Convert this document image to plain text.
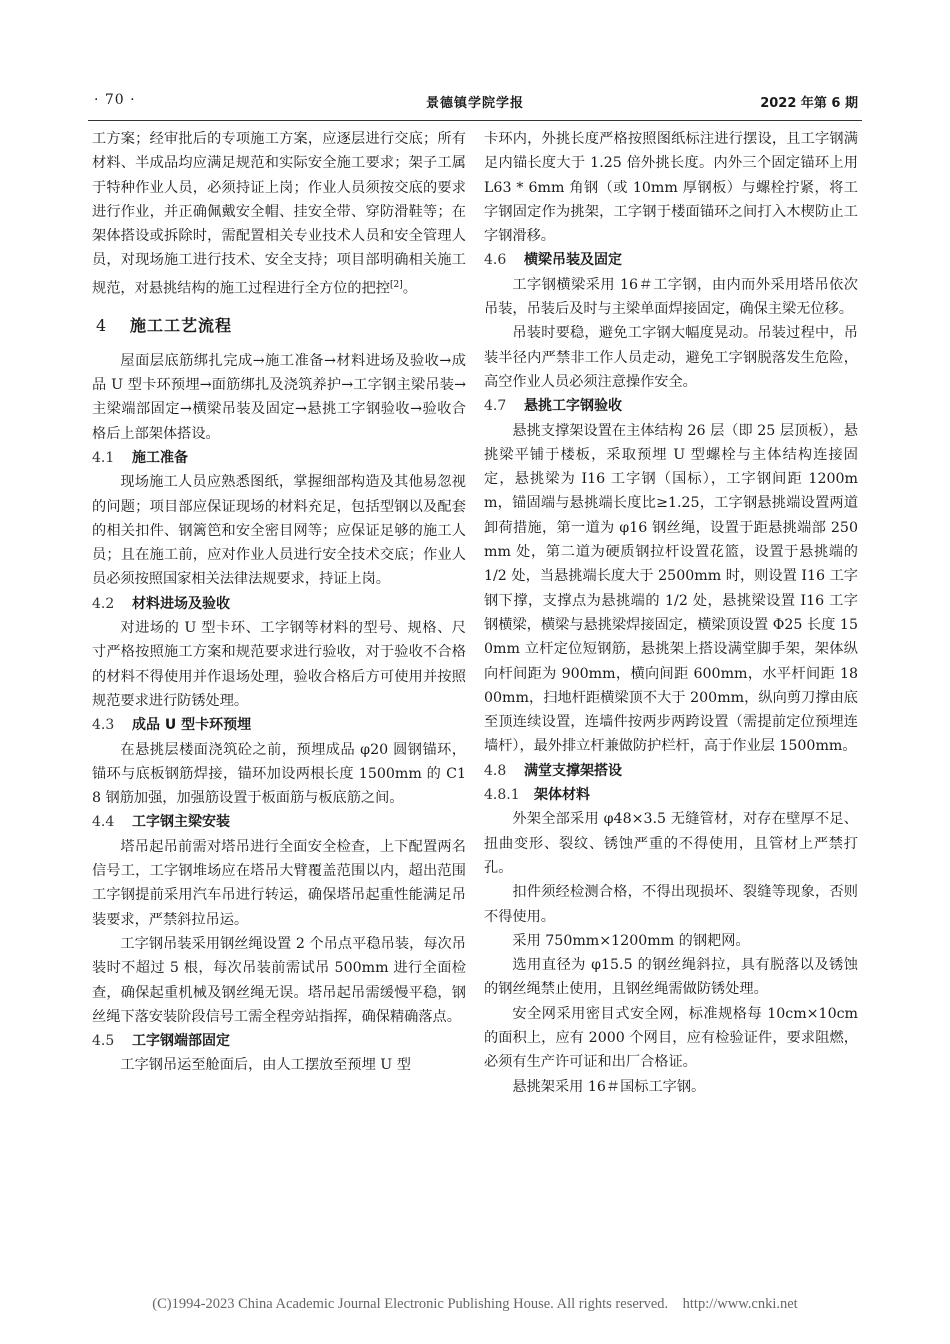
· 70 ·	景德镇学院学报	2022 年第 6 期

工方案；经审批后的专项施工方案，应逐层进行交底；所有材料、半成品均应满足规范和实际安全施工要求；架子工属于特种作业人员，必须持证上岗；作业人员须按交底的要求进行作业，并正确佩戴安全帽、挂安全带、穿防滑鞋等；在架体搭设或拆除时，需配置相关专业技术人员和安全管理人员，对现场施工进行技术、安全支持；项目部明确相关施工规范，对悬挑结构的施工过程进行全方位的把控[2]。

4 施工工艺流程

屋面层底筋绑扎完成→施工准备→材料进场及验收→成品 U 型卡环预埋→面筋绑扎及浇筑养护→工字钢主梁吊装→主梁端部固定→横梁吊装及固定→悬挑工字钢验收→验收合格后上部架体搭设。

4.1 施工准备

现场施工人员应熟悉图纸，掌握细部构造及其他易忽视的问题；项目部应保证现场的材料充足，包括型钢以及配套的相关扣件、钢篱笆和安全密目网等；应保证足够的施工人员；且在施工前，应对作业人员进行安全技术交底；作业人员必须按照国家相关法律法规要求，持证上岗。

4.2 材料进场及验收

对进场的 U 型卡环、工字钢等材料的型号、规格、尺寸严格按照施工方案和规范要求进行验收，对于验收不合格的材料不得使用并作退场处理，验收合格后方可使用并按照规范要求进行防锈处理。

4.3 成品 U 型卡环预埋

在悬挑层楼面浇筑砼之前，预埋成品 φ20 圆钢锚环，锚环与底板钢筋焊接，锚环加设两根长度 1500mm 的 C18 钢筋加强，加强筋设置于板面筋与板底筋之间。

4.4 工字钢主梁安装

塔吊起吊前需对塔吊进行全面安全检查，上下配置两名信号工，工字钢堆场应在塔吊大臂覆盖范围以内，超出范围工字钢提前采用汽车吊进行转运，确保塔吊起重性能满足吊装要求，严禁斜拉吊运。

工字钢吊装采用钢丝绳设置 2 个吊点平稳吊装，每次吊装时不超过 5 根，每次吊装前需试吊 500mm 进行全面检查，确保起重机械及钢丝绳无误。塔吊起吊需缓慢平稳，钢丝绳下落安装阶段信号工需全程旁站指挥，确保精确落点。

4.5 工字钢端部固定

工字钢吊运至舱面后，由人工摆放至预埋 U 型

卡环内，外挑长度严格按照图纸标注进行摆设，且工字钢满足内锚长度大于 1.25 倍外挑长度。内外三个固定锚环上用 L63 * 6mm 角钢（或 10mm 厚钢板）与螺栓拧紧，将工字钢固定作为挑架，工字钢于楼面锚环之间打入木楔防止工字钢滑移。

4.6 横梁吊装及固定

工字钢横梁采用 16＃工字钢，由内而外采用塔吊依次吊装，吊装后及时与主梁单面焊接固定，确保主梁无位移。

吊装时要稳，避免工字钢大幅度晃动。吊装过程中，吊装半径内严禁非工作人员走动，避免工字钢脱落发生危险，高空作业人员必须注意操作安全。

4.7 悬挑工字钢验收

悬挑支撑架设置在主体结构 26 层（即 25 层顶板），悬挑梁平铺于楼板，采取预埋 U 型螺栓与主体结构连接固定，悬挑梁为 I16 工字钢（国标），工字钢间距 1200mm，锚固端与悬挑端长度比≥1.25，工字钢悬挑端设置两道卸荷措施，第一道为 φ16 钢丝绳，设置于距悬挑端部 250mm 处，第二道为硬质钢拉杆设置花篮，设置于悬挑端的 1/2 处，当悬挑端长度大于 2500mm 时，则设置 I16 工字钢下撑，支撑点为悬挑端的 1/2 处，悬挑梁设置 I16 工字钢横梁，横梁与悬挑梁焊接固定，横梁顶设置 Φ25 长度 150mm 立杆定位短钢筋，悬挑架上搭设满堂脚手架，架体纵向杆间距为 900mm，横向间距 600mm，水平杆间距 1800mm，扫地杆距横梁顶不大于 200mm，纵向剪刀撑由底至顶连续设置，连墙件按两步两跨设置（需提前定位预埋连墙杆），最外排立杆兼做防护栏杆，高于作业层 1500mm。

4.8 满堂支撑架搭设
4.8.1 架体材料

外架全部采用 φ48×3.5 无缝管材，对存在壁厚不足、扭曲变形、裂纹、锈蚀严重的不得使用，且管材上严禁打孔。

扣件须经检测合格，不得出现损坏、裂缝等现象，否则不得使用。

采用 750mm×1200mm 的钢耙网。

选用直径为 φ15.5 的钢丝绳斜拉，具有脱落以及锈蚀的钢丝绳禁止使用，且钢丝绳需做防锈处理。

安全网采用密目式安全网，标准规格每 10cm×10cm 的面积上，应有 2000 个网目，应有检验证件，要求阻燃，必须有生产许可证和出厂合格证。

悬挑架采用 16＃国标工字钢。

(C)1994-2023 China Academic Journal Electronic Publishing House. All rights reserved.    http://www.cnki.net
